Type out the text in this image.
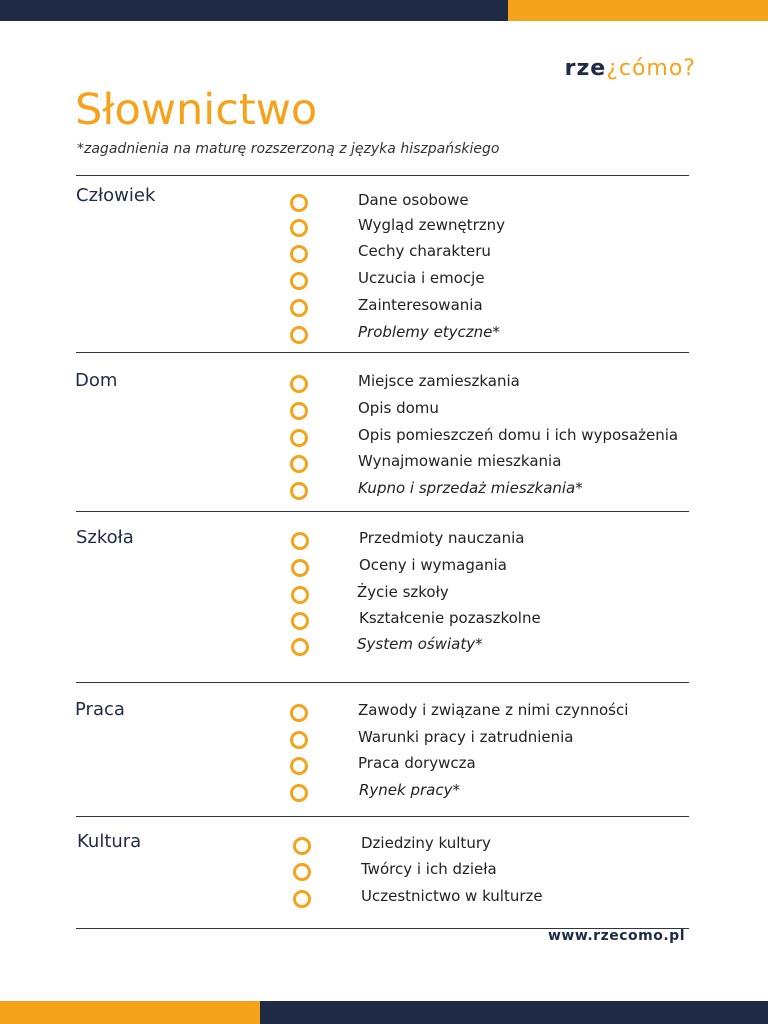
rze¿cómo?
Słownictwo
*zagadnienia na maturę rozszerzoną z języka hiszpańskiego
Człowiek	Dane osobowe
Wygląd zewnętrzny
Cechy charakteru
Uczucia i emocje
Zainteresowania
Problemy etyczne*
Dom	Miejsce zamieszkania
Opis domu
Opis pomieszczeń domu i ich wyposażenia
Wynajmowanie mieszkania
Kupno i sprzedaż mieszkania*
Szkoła	Przedmioty nauczania
Oceny i wymagania
Życie szkoły
Kształcenie pozaszkolne
System oświaty*
Praca	Zawody i związane z nimi czynności
Warunki pracy i zatrudnienia
Praca dorywcza
Rynek pracy*
Kultura	Dziedziny kultury
Twórcy i ich dzieła
Uczestnictwo w kulturze
www.rzecomo.pl
